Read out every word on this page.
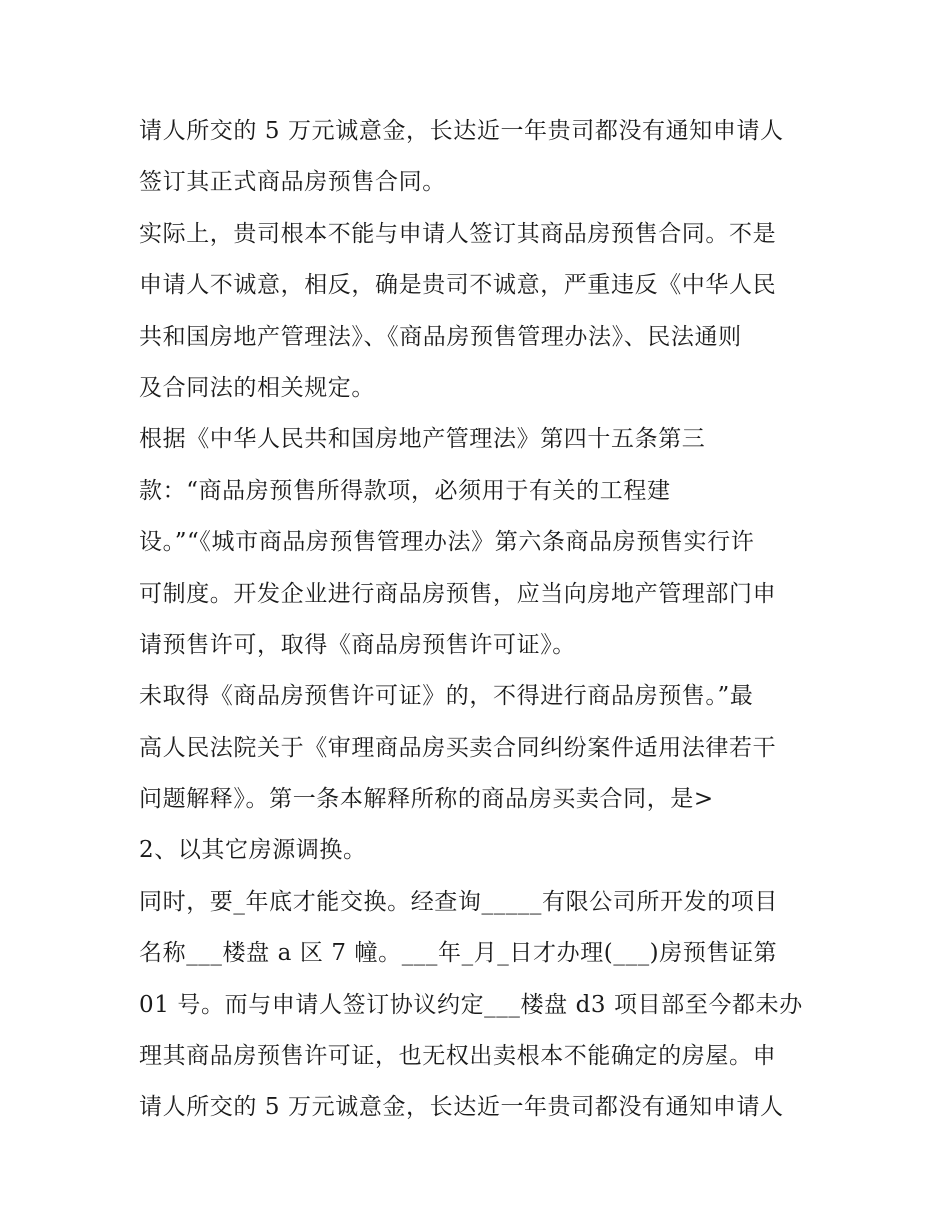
请人所交的 5 万元诚意金，长达近一年贵司都没有通知申请人
签订其正式商品房预售合同。
实际上，贵司根本不能与申请人签订其商品房预售合同。不是
申请人不诚意，相反，确是贵司不诚意，严重违反《中华人民
共和国房地产管理法》、《商品房预售管理办法》、民法通则
及合同法的相关规定。
根据《中华人民共和国房地产管理法》第四十五条第三
款：“商品房预售所得款项，必须用于有关的工程建
设。”“《城市商品房预售管理办法》第六条商品房预售实行许
可制度。开发企业进行商品房预售，应当向房地产管理部门申
请预售许可，取得《商品房预售许可证》。
未取得《商品房预售许可证》的，不得进行商品房预售。”最
高人民法院关于《审理商品房买卖合同纠纷案件适用法律若干
问题解释》。第一条本解释所称的商品房买卖合同，是>
2、以其它房源调换。
同时，要_年底才能交换。经查询_____有限公司所开发的项目
名称___楼盘 a 区 7 幢。___年_月_日才办理(___)房预售证第
01 号。而与申请人签订协议约定___楼盘 d3 项目部至今都未办
理其商品房预售许可证，也无权出卖根本不能确定的房屋。申
请人所交的 5 万元诚意金，长达近一年贵司都没有通知申请人
